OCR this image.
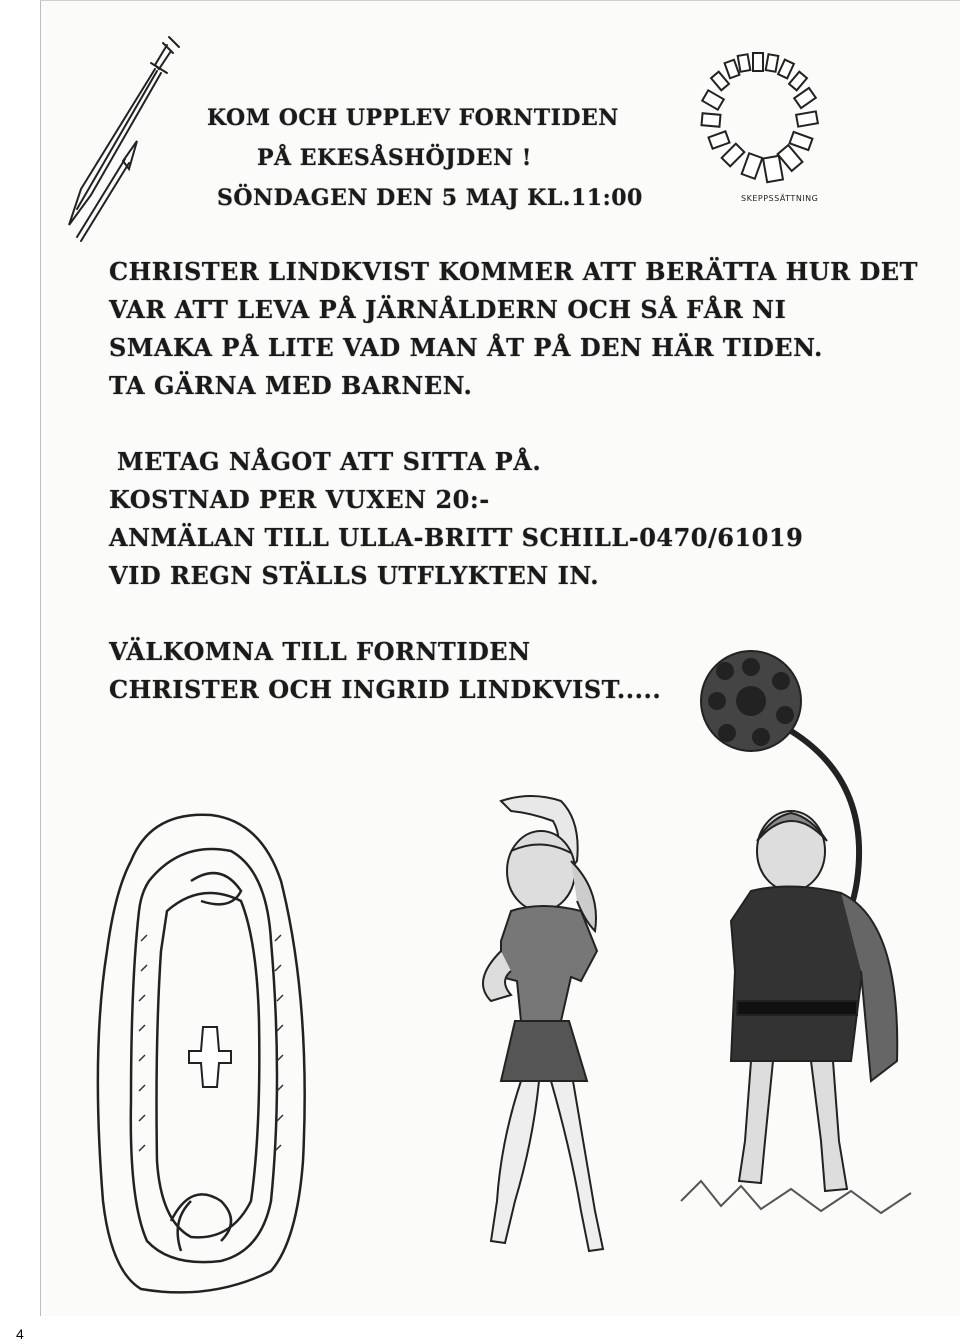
KOM OCH UPPLEV FORNTIDEN
PÅ EKESÅSHÖJDEN !
SÖNDAGEN DEN 5 MAJ KL.11:00	SKEPPSSÄTTNING
CHRISTER LINDKVIST KOMMER ATT BERÄTTA HUR DET
VAR ATT LEVA PÅ JÄRNÅLDERN OCH SÅ FÅR NI
SMAKA PÅ LITE VAD MAN ÅT PÅ DEN HÄR TIDEN.
TA GÄRNA MED BARNEN.
METAG NÅGOT ATT SITTA PÅ.
KOSTNAD PER VUXEN 20:-
ANMÄLAN TILL ULLA-BRITT SCHILL-0470/61019
VID REGN STÄLLS UTFLYKTEN IN.
VÄLKOMNA TILL FORNTIDEN
CHRISTER OCH INGRID LINDKVIST.....
4
